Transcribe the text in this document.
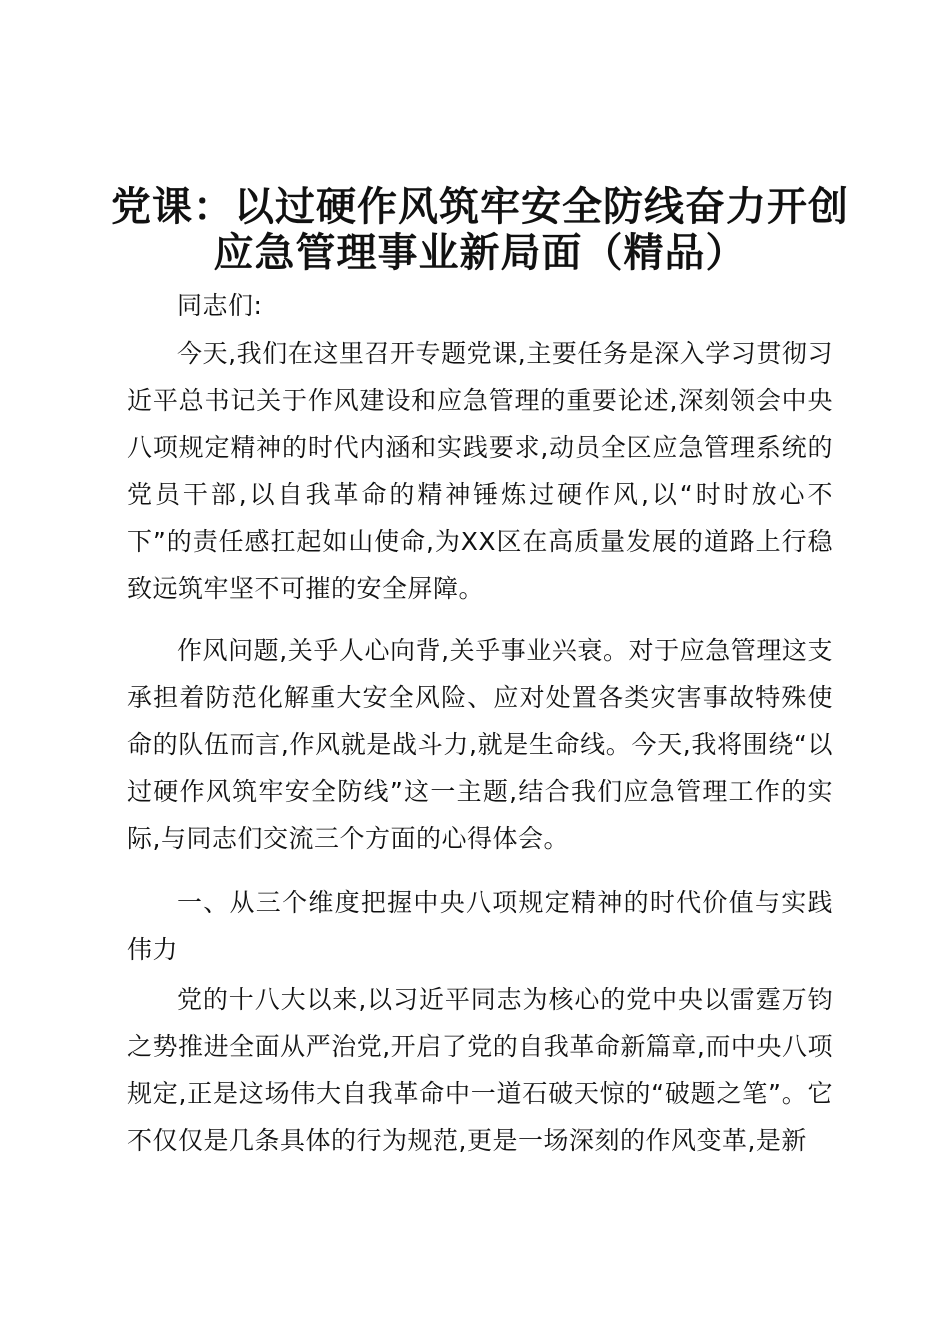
党课：以过硬作风筑牢安全防线奋力开创应急管理事业新局面（精品）

同志们:

今天,我们在这里召开专题党课,主要任务是深入学习贯彻习近平总书记关于作风建设和应急管理的重要论述,深刻领会中央八项规定精神的时代内涵和实践要求,动员全区应急管理系统的党员干部,以自我革命的精神锤炼过硬作风,以“时时放心不下”的责任感扛起如山使命,为XX区在高质量发展的道路上行稳致远筑牢坚不可摧的安全屏障。

作风问题,关乎人心向背,关乎事业兴衰。对于应急管理这支承担着防范化解重大安全风险、应对处置各类灾害事故特殊使命的队伍而言,作风就是战斗力,就是生命线。今天,我将围绕“以过硬作风筑牢安全防线”这一主题,结合我们应急管理工作的实际,与同志们交流三个方面的心得体会。

一、从三个维度把握中央八项规定精神的时代价值与实践伟力

党的十八大以来,以习近平同志为核心的党中央以雷霆万钧之势推进全面从严治党,开启了党的自我革命新篇章,而中央八项规定,正是这场伟大自我革命中一道石破天惊的“破题之笔”。它不仅仅是几条具体的行为规范,更是一场深刻的作风变革,是新
